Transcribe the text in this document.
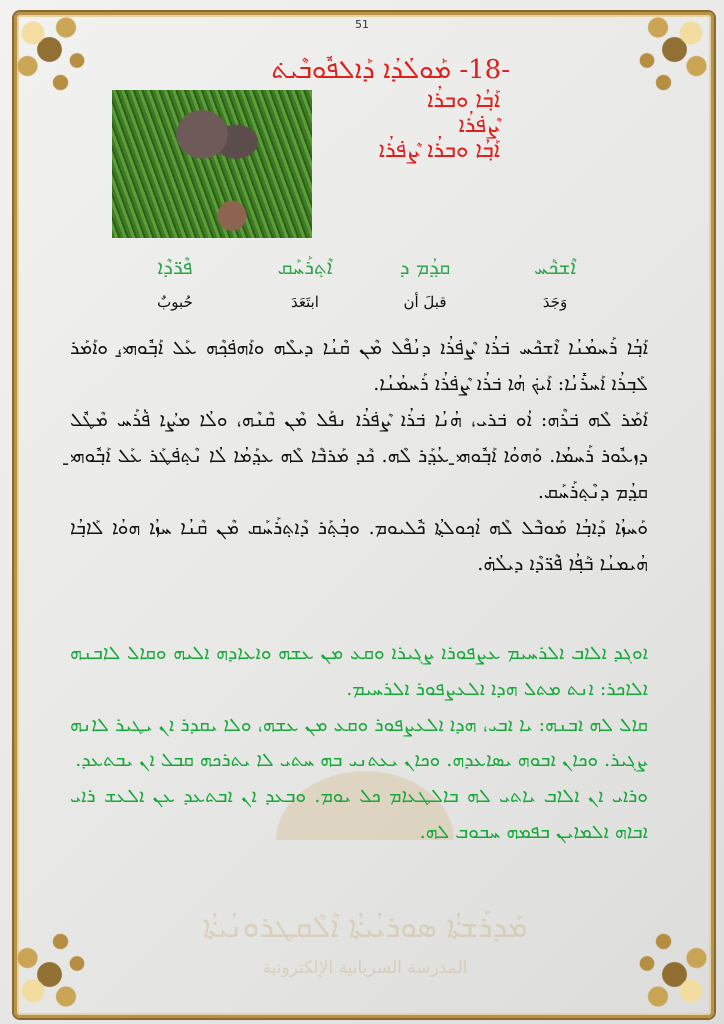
ܡܰܕܪܰܫܬ݁ܳܐ ܣܘܪܝܳܝܬ݁ܳܐ ܐܶܠܶܩܛܪܘܢܳܝܬ݁ܳܐ
المدرسة السريانية الإلكترونية
51
-18- ܡܰܘܠܳܕܳܐ ܕܰܐܠܦܽܘܒܶܝܬ݁
ܐܰܒ݂ܳܐ ܘܒܪܳܐ ܨܶܦ݁ܪܳܐ
ܐܰܒ݂ܳܐ ܘܒܪܳܐ ܨܶܦ݁ܪܳܐ
ܦܶܪ̈ܕܶܐ
حُبوبٌ
ܐܶܬ݂ܪܰܚܰܩ
ابتَعَدَ
ܩܕ݂ܳܡ ܕ
قبلَ أن
ܐܶܫܟ݁ܰܚ
وَجَدَ

ܐܰܒ݂ܳܐ ܪܰܚܡܳܢܳܐ ܐܶܫܟ݁ܰܚ ܒ݁ܪܳܐ ܨܶܦ݁ܪܳܐ ܕܢܳܦܶܠ ܡܶܢ ܩܶܢܳܐ ܕܝܠܶܗ ܘܐܰܗܦ݁ܟ݂ܶܗ ܥܰܠ ܐܰܒ݂ܽܘܗ̱ܝ، ܘܐܰܡܰܪ ܠܰܒ݂ܪܳܐ ܐܰܚܪܺܢܳܐ: ܐܰܝܟ݁ ܗܳܐ ܒ݁ܪܳܐ ܨܶܦ݁ܪܳܐ ܪܰܚܡܳܢܳܐ.

ܐܰܡܰܪ ܠܶܗ ܒ݁ܪܶܗ: ܐܳܘ ܒ݁ܪܝ، ܗܳܢܳܐ ܒ݁ܪܳܐ ܨܶܦ݁ܪܳܐ ܢܦܰܠ ܡܶܢ ܩܶܢܶܗ، ܘܠܳܐ ܡܨܳܐ ܦ݁ܳܪܰܚ ܡܶܛܽܠ ܕܙܥܽܘܪ ܪܰܚܡܳܐ. ܘܰܗܘܳܐ ܐܰܒ݂ܽܘܗ̱ܝ ܥܳܕ݂ܰܪ ܠܶܗ. ܟ݁ܰܕ ܡܰܪܒ݁ܶܐ ܠܶܗ ܥܕ݂ܰܡܳܐ ܠܳܐ ܢܶܬ݂ܦ݁ܛܰܪ ܥܰܠ ܐܰܒ݂ܽܘܗ̱ܝ ܩܕ݂ܳܡ ܕܢܶܬ݂ܪܰܚܰܩ.

ܘܰܚܙܳܐ ܕܰܐܒ݂ܳܐ ܡܰܘܒ݁ܶܠ ܠܶܗ ܐܳܟ݂ܘܠܬ݂ܳܐ ܟ݁ܽܠܝܘܡ. ܘܒ݂ܳܬ݂ܰܪ ܕܶܐܬ݂ܪܰܚܰܩ ܡܶܢ ܩܶܢܳܐ ܚܙܳܐ ܗܘܳܐ ܠܰܐܒ݂ܳܐ ܗܳܝܡܢܳܐ ܒ݁ܰܦ݂ܳܐ ܦ݁ܶܪ̈ܕܶܐ ܕܝܠܳܗ̇.

ܐܘܓܕ ܐܠܐܒ ܐܠܪܚܝܡ ܥܨܦܘܪܐ ܨܓܝܪܐ ܘܩܥ ܡܢ ܥܫܗ ܘܐܥܐܕܗ ܐܠܝܗ ܘܩܐܠ ܠܐܒܢܗ ܐܠܐܟܪ: ܐܢܬ ܡܬܠ ܗܕܐ ܐܠܥܨܦܘܪ ܐܠܪܚܝܡ.

ܩܐܠ ܠܗ ܐܒܢܗ: ܝܐ ܐܒܝ، ܗܕܐ ܐܠܥܨܦܘܪ ܘܩܥ ܡܢ ܥܫܗ، ܘܠܐ ܝܩܕܪ ܐܢ ܝܛܝܪ ܠܐܢܗ ܨܓܝܪ. ܘܟܐܢ ܐܒܘܗ ܝܣܐܥܕܗ. ܘܟܐܢ ܝܥܬܢܝ ܒܗ ܚܬܝ ܠܐ ܝܬܪܟܗ ܩܒܠ ܐܢ ܝܒܬܥܕ.

ܘܪܐܝ ܐܢ ܐܠܐܒ ܝܐܬܝ ܠܗ ܒܐܠܛܥܐܡ ܟܠ ܝܘܡ. ܘܒܥܕ ܐܢ ܐܒܬܥܕ ܥܢ ܐܠܥܫ ܪܐܝ ܐܒܐܗ ܐܠܡܐܝܢ ܒܦܡܗ ܚܒܘܒ ܠܗ.
